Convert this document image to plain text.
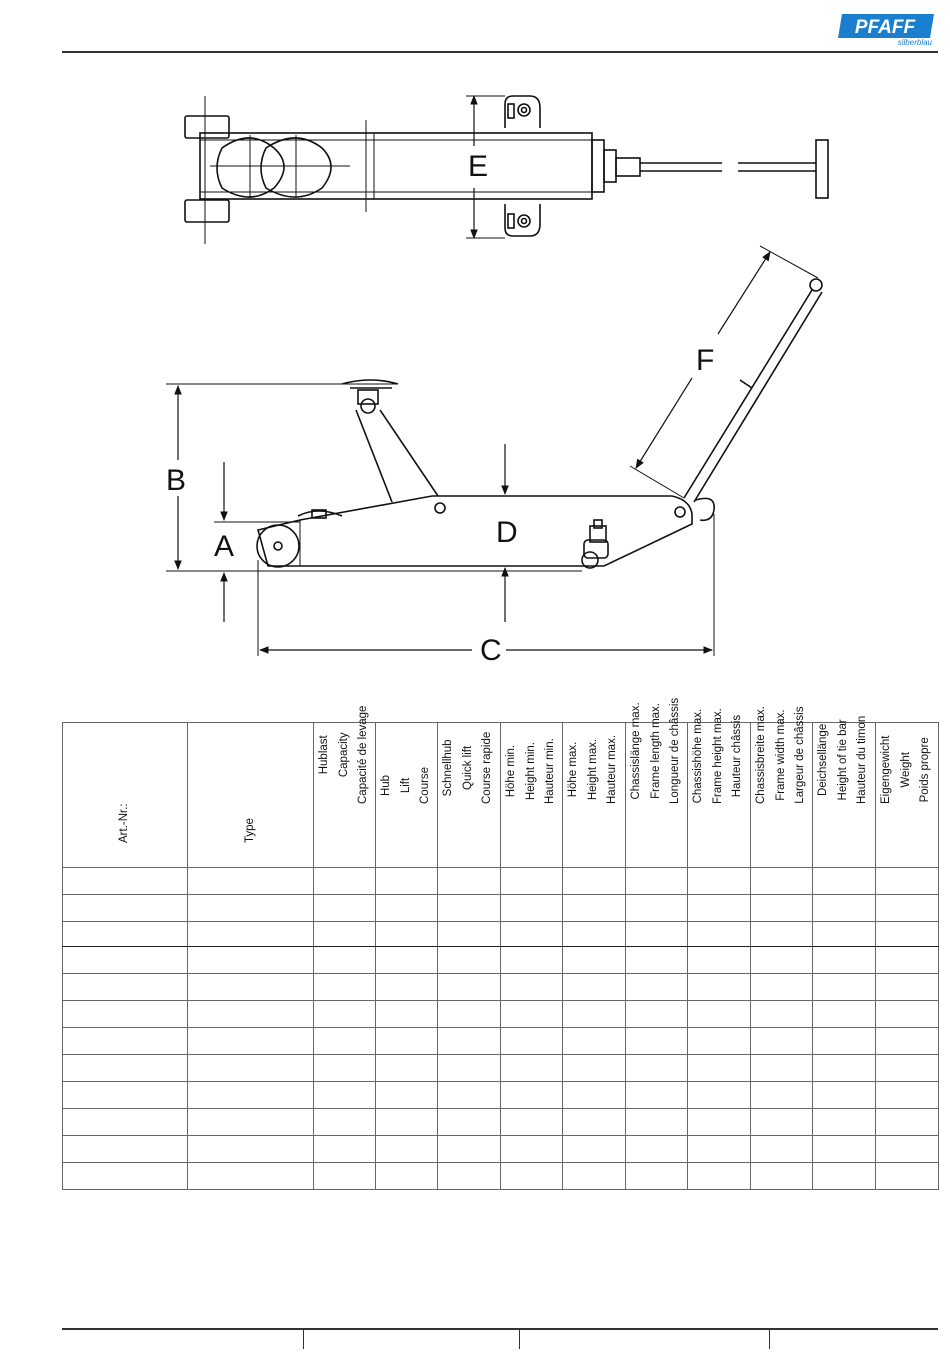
PFAFF
silberblau
E
B
A	D
C
F
Art.-Nr.:	Type	Hublast Capacity Capacité de levage	Hub Lift Course	Schnellhub Quick lift Course rapide	Höhe min. Height min. Hauteur min.	Höhe max. Height max. Hauteur max.	Chassislänge max. Frame length max. Longueur de châssis	Chassishöhe max. Frame height max. Hauteur châssis	Chassisbreite max. Frame width max. Largeur de châssis	Deichsellänge Height of tie bar Hauteur du timon	Eigengewicht Weight Poids propre
